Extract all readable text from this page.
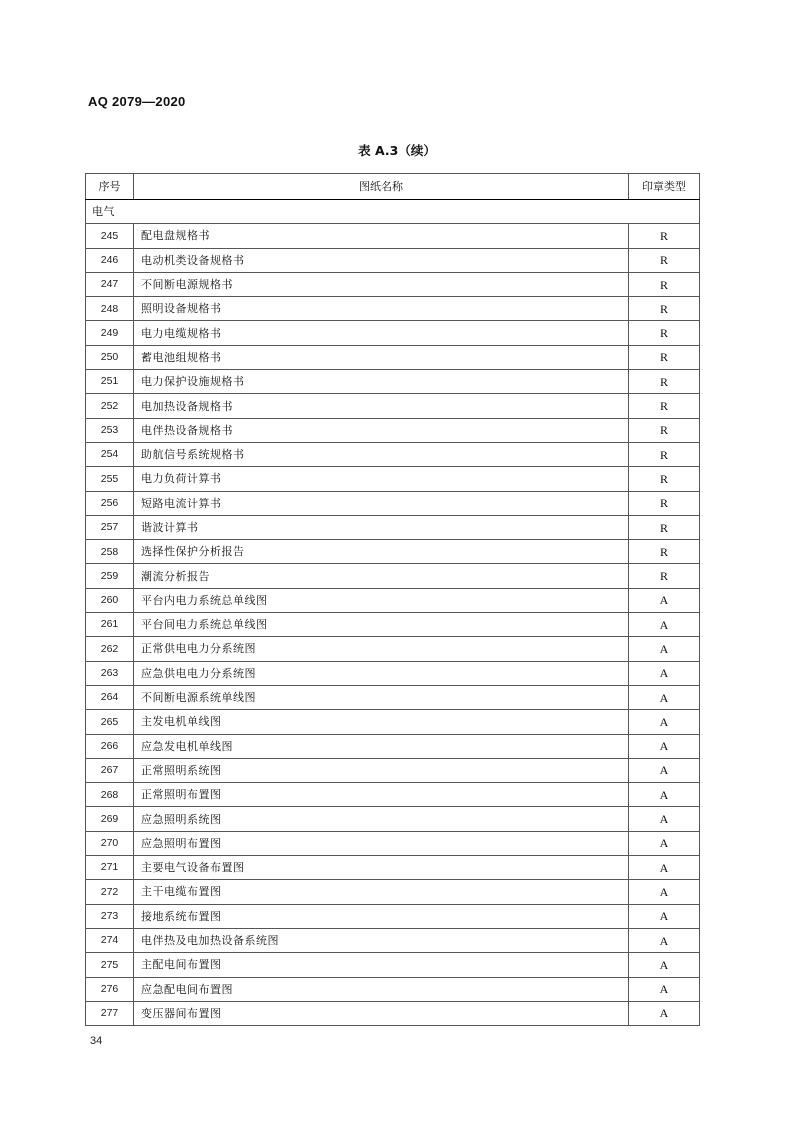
AQ 2079—2020
表 A.3（续）
序号	图纸名称	印章类型
电气		
245	配电盘规格书	R
246	电动机类设备规格书	R
247	不间断电源规格书	R
248	照明设备规格书	R
249	电力电缆规格书	R
250	蓄电池组规格书	R
251	电力保护设施规格书	R
252	电加热设备规格书	R
253	电伴热设备规格书	R
254	助航信号系统规格书	R
255	电力负荷计算书	R
256	短路电流计算书	R
257	谐波计算书	R
258	选择性保护分析报告	R
259	潮流分析报告	R
260	平台内电力系统总单线图	A
261	平台间电力系统总单线图	A
262	正常供电电力分系统图	A
263	应急供电电力分系统图	A
264	不间断电源系统单线图	A
265	主发电机单线图	A
266	应急发电机单线图	A
267	正常照明系统图	A
268	正常照明布置图	A
269	应急照明系统图	A
270	应急照明布置图	A
271	主要电气设备布置图	A
272	主干电缆布置图	A
273	接地系统布置图	A
274	电伴热及电加热设备系统图	A
275	主配电间布置图	A
276	应急配电间布置图	A
277	变压器间布置图	A
34
